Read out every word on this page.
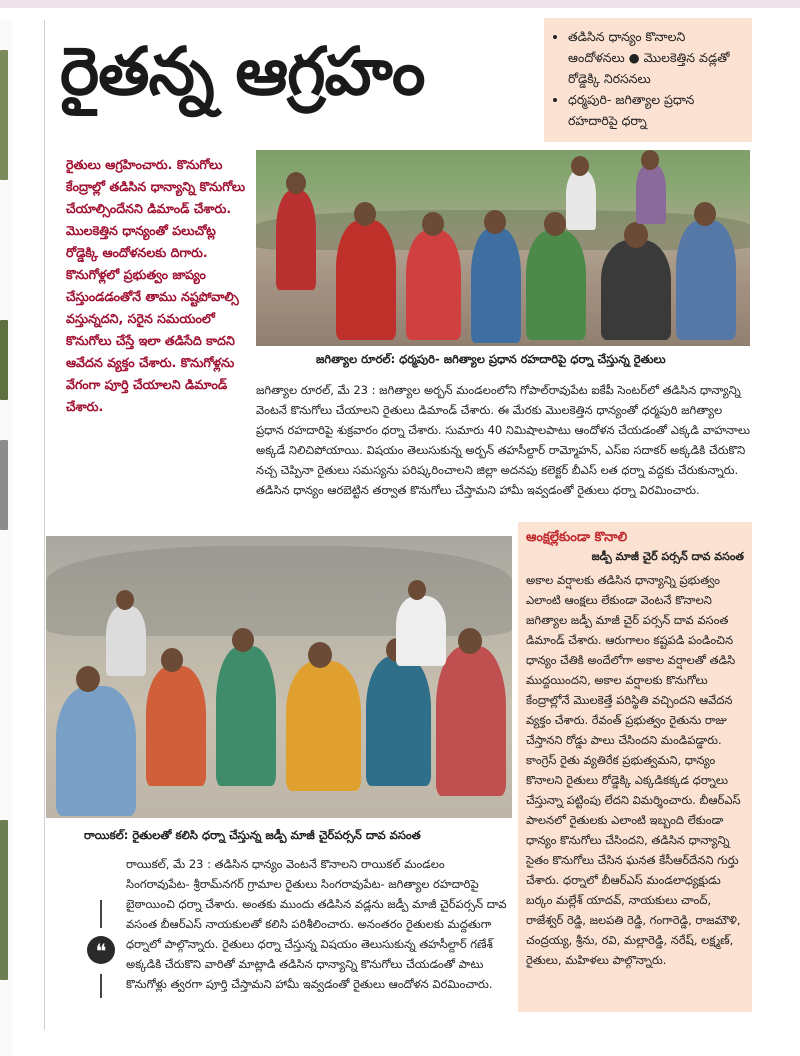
రైతన్న ఆగ్రహం
•	తడిసిన ధాన్యం కొనాలని ఆందోళనలు ● మొలకెత్తిన వడ్లతో రోడ్డెక్కి నిరసనలు
• ధర్మపురి- జగిత్యాల ప్రధాన రహదారిపై ధర్నా

రైతులు ఆగ్రహించారు. కొనుగోలు కేంద్రాల్లో తడిసిన ధాన్యాన్ని కొనుగోలు చేయాల్సిందేనని డిమాండ్ చేశారు. మొలకెత్తిన ధాన్యంతో పలుచోట్ల రోడ్డెక్కి ఆందోళనలకు దిగారు. కొనుగోళ్లలో ప్రభుత్వం జాప్యం చేస్తుండడంతోనే తాము నష్టపోవాల్సి వస్తున్నదని, సరైన సమయంలో కొనుగోలు చేస్తే ఇలా తడిసేది కాదని ఆవేదన వ్యక్తం చేశారు. కొనుగోళ్లను వేగంగా పూర్తి చేయాలని డిమాండ్ చేశారు.

జగిత్యాల రూరల్: ధర్మపురి- జగిత్యాల ప్రధాన రహదారిపై ధర్నా చేస్తున్న రైతులు

జగిత్యాల రూరల్, మే 23 : జగిత్యాల అర్బన్ మండలంలోని గోపాల్‌రావుపేట ఐకేపీ సెంటర్‌లో తడిసిన ధాన్యాన్ని వెంటనే కొనుగోలు చేయాలని రైతులు డిమాండ్ చేశారు. ఈ మేరకు మొలకెత్తిన ధాన్యంతో ధర్మపురి జగిత్యాల ప్రధాన రహదారిపై శుక్రవారం ధర్నా చేశారు. సుమారు 40 నిమిషాలపాటు ఆందోళన చేయడంతో ఎక్కడి వాహనాలు అక్కడే నిలిచిపోయాయి. విషయం తెలుసుకున్న అర్బన్ తహసీల్దార్ రామ్మోహన్, ఎస్ఐ సదాకర్ అక్కడికి చేరుకొని నచ్చ చెప్పినా రైతులు సమస్యను పరిష్కరించాలని జిల్లా అదనపు కలెక్టర్ బీఎస్ లత ధర్నా వద్దకు చేరుకున్నారు. తడిసిన ధాన్యం ఆరబెట్టిన తర్వాత కొనుగోలు చేస్తామని హామీ ఇవ్వడంతో రైతులు ధర్నా విరమించారు.

రాయికల్: రైతులతో కలిసి ధర్నా చేస్తున్న జడ్పీ మాజీ చైర్‌పర్సన్ దావ వసంత
❝

రాయికల్, మే 23 : తడిసిన ధాన్యం వెంటనే కొనాలని రాయికల్ మండలం సింగరావుపేట- శ్రీరామ్‌నగర్ గ్రామాల రైతులు సింగరావుపేట- జగిత్యాల రహదారిపై బైఠాయించి ధర్నా చేశారు. అంతకు ముందు తడిసిన వడ్లను జడ్పీ మాజీ చైర్‌పర్సన్ దావ వసంత బీఆర్‌ఎస్ నాయకులతో కలిసి పరిశీలించారు. అనంతరం రైతులకు మద్దతుగా ధర్నాలో పాల్గొన్నారు. రైతులు ధర్నా చేస్తున్న విషయం తెలుసుకున్న తహసీల్దార్ గణేశ్ అక్కడికి చేరుకొని వారితో మాట్లాడి తడిసిన ధాన్యాన్ని కొనుగోలు చేయడంతో పాటు కొనుగోళ్లు త్వరగా పూర్తి చేస్తామని హామీ ఇవ్వడంతో రైతులు ఆందోళన విరమించారు.

ఆంక్షల్లేకుండా కొనాలి
జడ్పీ మాజీ చైర్ పర్సన్ దావ వసంత

అకాల వర్షాలకు తడిసిన ధాన్యాన్ని ప్రభుత్వం ఎలాంటి ఆంక్షలు లేకుండా వెంటనే కొనాలని జగిత్యాల జడ్పీ మాజీ చైర్ పర్సన్ దావ వసంత డిమాండ్ చేశారు. ఆరుగాలం కష్టపడి పండించిన ధాన్యం చేతికి అందేలోగా అకాల వర్షాలతో తడిసి ముద్దయిందని, అకాల వర్షాలకు కొనుగోలు కేంద్రాల్లోనే మొలకెత్తే పరిస్థితి వచ్చిందని ఆవేదన వ్యక్తం చేశారు. రేవంత్ ప్రభుత్వం రైతును రాజు చేస్తానని రోడ్డు పాలు చేసిందని మండిపడ్డారు. కాంగ్రెస్ రైతు వ్యతిరేక ప్రభుత్వమని, ధాన్యం కొనాలని రైతులు రోడ్డెక్కి ఎక్కడికక్కడ ధర్నాలు చేస్తున్నా పట్టింపు లేదని విమర్శించారు. బీఆర్‌ఎస్ పాలనలో రైతులకు ఎలాంటి ఇబ్బంది లేకుండా ధాన్యం కొనుగోలు చేసిందని, తడిసిన ధాన్యాన్ని సైతం కొనుగోలు చేసిన ఘనత కేసీఆర్‌దేనని గుర్తు చేశారు. ధర్నాలో బీఆర్‌ఎస్ మండలాధ్యక్షుడు బర్కం మల్లేశ్ యాదవ్, నాయకులు చాంద్, రాజేశ్వర్ రెడ్డి, జలపతి రెడ్డి, గంగారెడ్డి, రాజమౌళి, చంద్రయ్య, శ్రీను, రవి, మల్లారెడ్డి, నరేష్, లక్ష్మణ్, రైతులు, మహిళలు పాల్గొన్నారు.
